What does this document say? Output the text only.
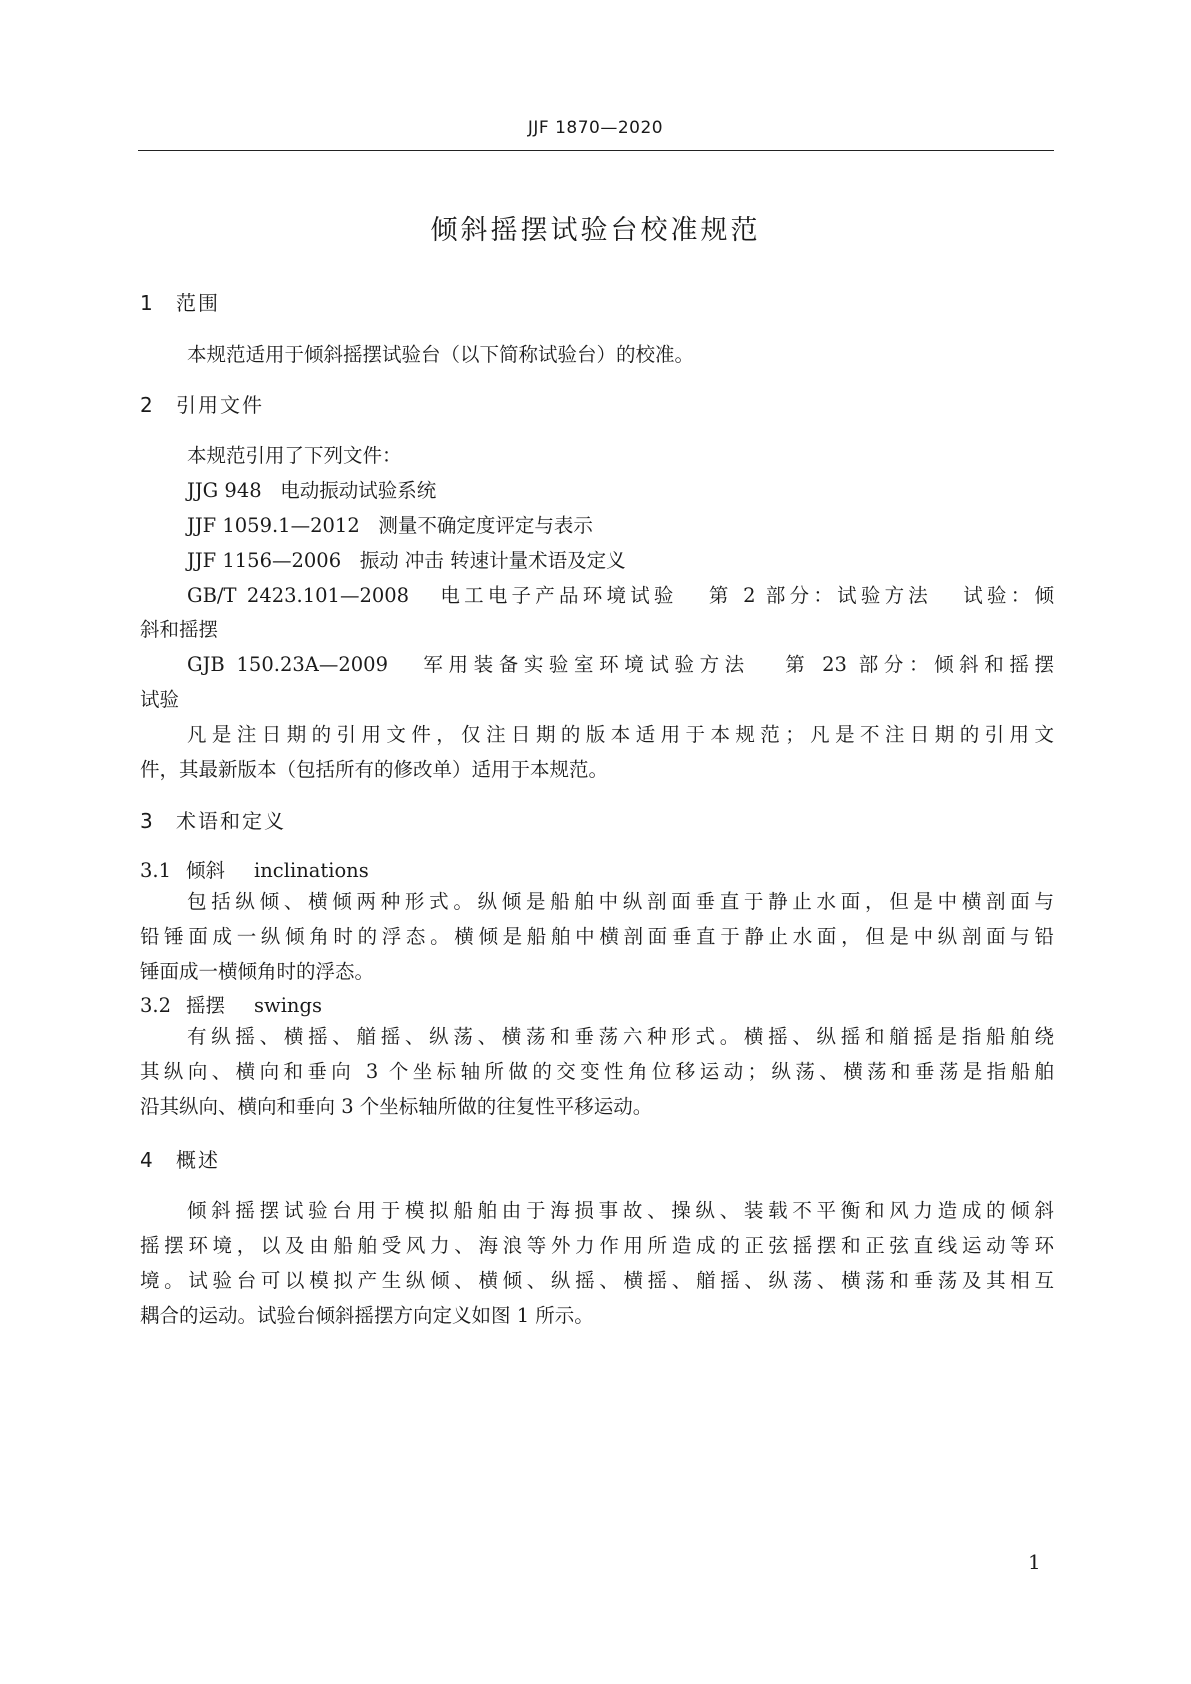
JJF 1870—2020
倾斜摇摆试验台校准规范
1 范围
本规范适用于倾斜摇摆试验台（以下简称试验台）的校准。
2 引用文件
本规范引用了下列文件：
JJG 948   电动振动试验系统
JJF 1059.1—2012   测量不确定度评定与表示
JJF 1156—2006   振动 冲击 转速计量术语及定义
GB/T 2423.101—2008   电工电子产品环境试验   第 2 部分：试验方法   试验：倾
斜和摇摆
GJB 150.23A—2009   军用装备实验室环境试验方法   第 23 部分：倾斜和摇摆
试验
凡是注日期的引用文件，仅注日期的版本适用于本规范；凡是不注日期的引用文
件，其最新版本（包括所有的修改单）适用于本规范。
3 术语和定义
3.1 倾斜 inclinations
包括纵倾、横倾两种形式。纵倾是船舶中纵剖面垂直于静止水面，但是中横剖面与
铅锤面成一纵倾角时的浮态。横倾是船舶中横剖面垂直于静止水面，但是中纵剖面与铅
锤面成一横倾角时的浮态。
3.2 摇摆 swings
有纵摇、横摇、艏摇、纵荡、横荡和垂荡六种形式。横摇、纵摇和艏摇是指船舶绕
其纵向、横向和垂向 3 个坐标轴所做的交变性角位移运动；纵荡、横荡和垂荡是指船舶
沿其纵向、横向和垂向 3 个坐标轴所做的往复性平移运动。
4 概述
倾斜摇摆试验台用于模拟船舶由于海损事故、操纵、装载不平衡和风力造成的倾斜
摇摆环境，以及由船舶受风力、海浪等外力作用所造成的正弦摇摆和正弦直线运动等环
境。试验台可以模拟产生纵倾、横倾、纵摇、横摇、艏摇、纵荡、横荡和垂荡及其相互
耦合的运动。试验台倾斜摇摆方向定义如图 1 所示。
1
